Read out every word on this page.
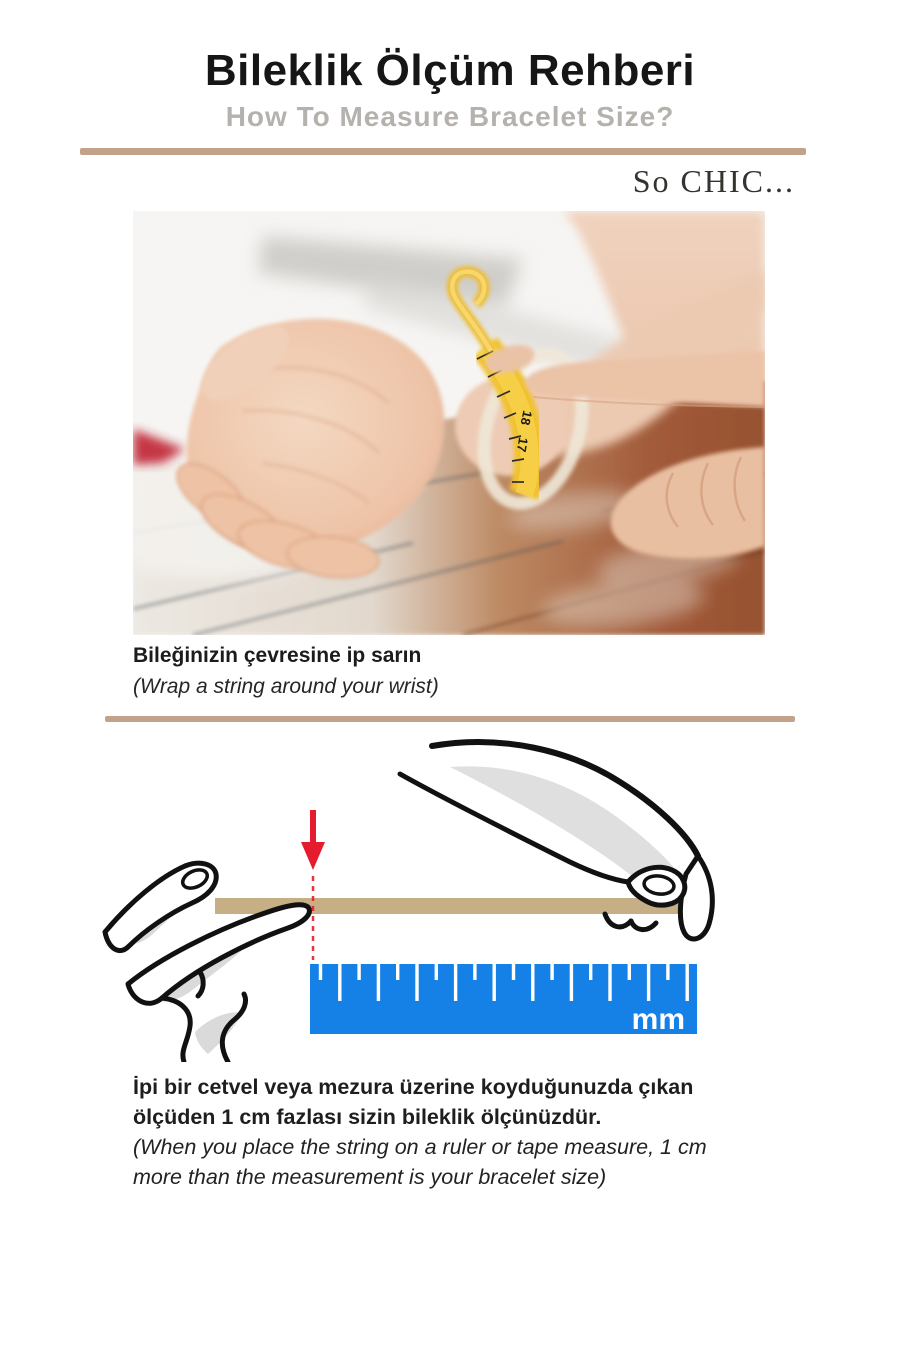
Bileklik Ölçüm Rehberi
How To Measure Bracelet Size?
So CHIC...
18
17
Bileğinizin çevresine ip sarın
(Wrap a string around your wrist)
mm
İpi bir cetvel veya mezura üzerine koyduğunuzda çıkan
ölçüden 1 cm fazlası sizin bileklik ölçünüzdür.
(When you place the string on a ruler or tape measure, 1 cm
more than the measurement is your bracelet size)
